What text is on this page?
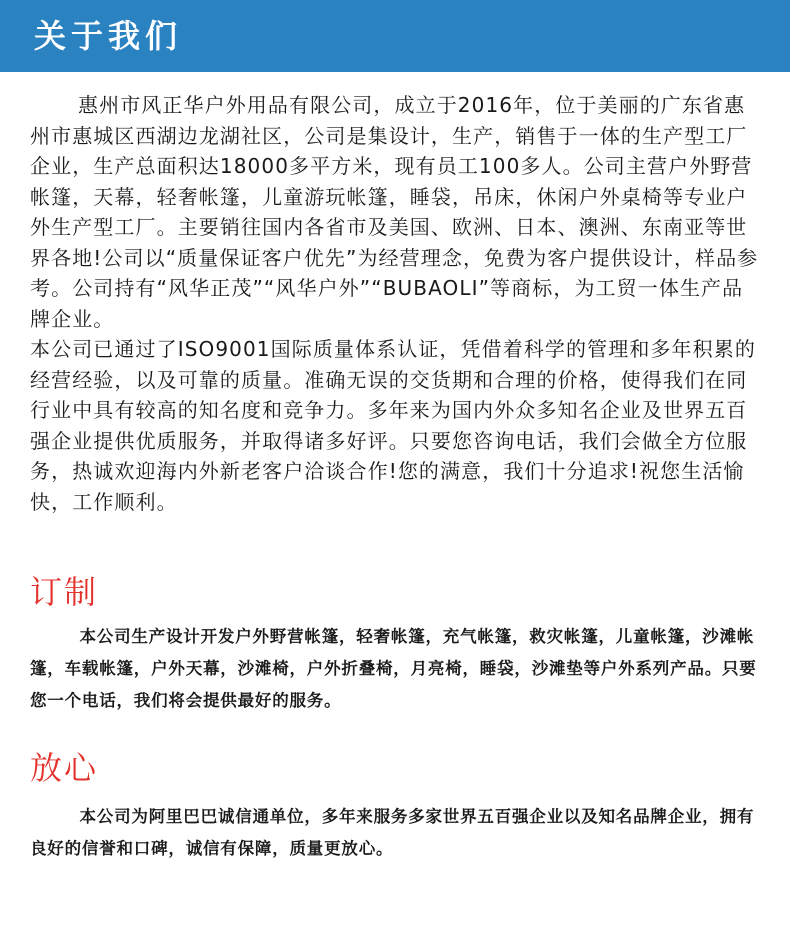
关于我们

惠州市风正华户外用品有限公司，成立于2016年，位于美丽的广东省惠州市惠城区西湖边龙湖社区，公司是集设计，生产，销售于一体的生产型工厂企业，生产总面积达18000多平方米，现有员工100多人。公司主营户外野营帐篷，天幕，轻奢帐篷，儿童游玩帐篷，睡袋，吊床，休闲户外桌椅等专业户外生产型工厂。主要销往国内各省市及美国、欧洲、日本、澳洲、东南亚等世界各地!公司以“质量保证客户优先”为经营理念，免费为客户提供设计，样品参考。公司持有“风华正茂”“风华户外”“BUBAOLI”等商标，为工贸一体生产品牌企业。

本公司已通过了ISO9001国际质量体系认证，凭借着科学的管理和多年积累的经营经验，以及可靠的质量。准确无误的交货期和合理的价格，使得我们在同行业中具有较高的知名度和竞争力。多年来为国内外众多知名企业及世界五百强企业提供优质服务，并取得诸多好评。只要您咨询电话，我们会做全方位服务，热诚欢迎海内外新老客户洽谈合作!您的满意，我们十分追求!祝您生活愉快，工作顺利。

订制

本公司生产设计开发户外野营帐篷，轻奢帐篷，充气帐篷，救灾帐篷，儿童帐篷，沙滩帐篷，车载帐篷，户外天幕，沙滩椅，户外折叠椅，月亮椅，睡袋，沙滩垫等户外系列产品。只要您一个电话，我们将会提供最好的服务。

放心

本公司为阿里巴巴诚信通单位，多年来服务多家世界五百强企业以及知名品牌企业，拥有良好的信誉和口碑，诚信有保障，质量更放心。
